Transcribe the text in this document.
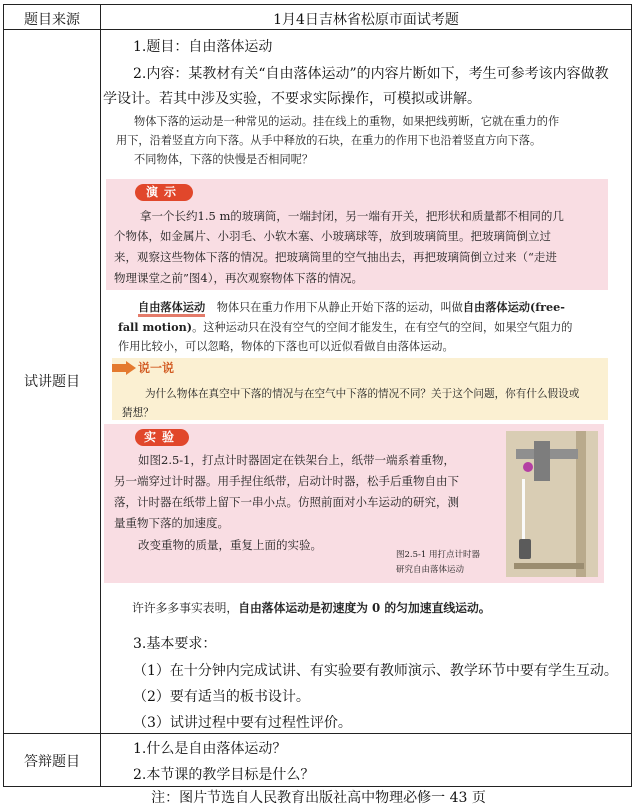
题目来源	1月4日吉林省松原市面试考题
试讲题目
答辩题目
1.题目：自由落体运动
2.内容：某教材有关“自由落体运动”的内容片断如下，考生可参考该内容做教
学设计。若其中涉及实验，不要求实际操作，可模拟或讲解。
物体下落的运动是一种常见的运动。挂在线上的重物，如果把线剪断，它就在重力的作
用下，沿着竖直方向下落。从手中释放的石块，在重力的作用下也沿着竖直方向下落。
不同物体，下落的快慢是否相同呢？
演示
拿一个长约1.5 m的玻璃筒，一端封闭，另一端有开关，把形状和质量都不相同的几
个物体，如金属片、小羽毛、小软木塞、小玻璃球等，放到玻璃筒里。把玻璃筒倒立过
来，观察这些物体下落的情况。把玻璃筒里的空气抽出去，再把玻璃筒倒立过来（“走进
物理课堂之前”图4），再次观察物体下落的情况。
自由落体运动 物体只在重力作用下从静止开始下落的运动，叫做自由落体运动(free-
fall motion)。这种运动只在没有空气的空间才能发生，在有空气的空间，如果空气阻力的
作用比较小，可以忽略，物体的下落也可以近似看做自由落体运动。
说一说
为什么物体在真空中下落的情况与在空气中下落的情况不同？关于这个问题，你有什么假设或
猜想？
实验
如图2.5-1，打点计时器固定在铁架台上，纸带一端系着重物，
另一端穿过计时器。用手捏住纸带，启动计时器，松手后重物自由下
落，计时器在纸带上留下一串小点。仿照前面对小车运动的研究，测
量重物下落的加速度。
改变重物的质量，重复上面的实验。
图2.5-1 用打点计时器
研究自由落体运动
许许多多事实表明，自由落体运动是初速度为 0 的匀加速直线运动。
3.基本要求：
（1）在十分钟内完成试讲、有实验要有教师演示、教学环节中要有学生互动。
（2）要有适当的板书设计。
（3）试讲过程中要有过程性评价。
1.什么是自由落体运动？
2.本节课的教学目标是什么？
注：图片节选自人民教育出版社高中物理必修一 43 页
